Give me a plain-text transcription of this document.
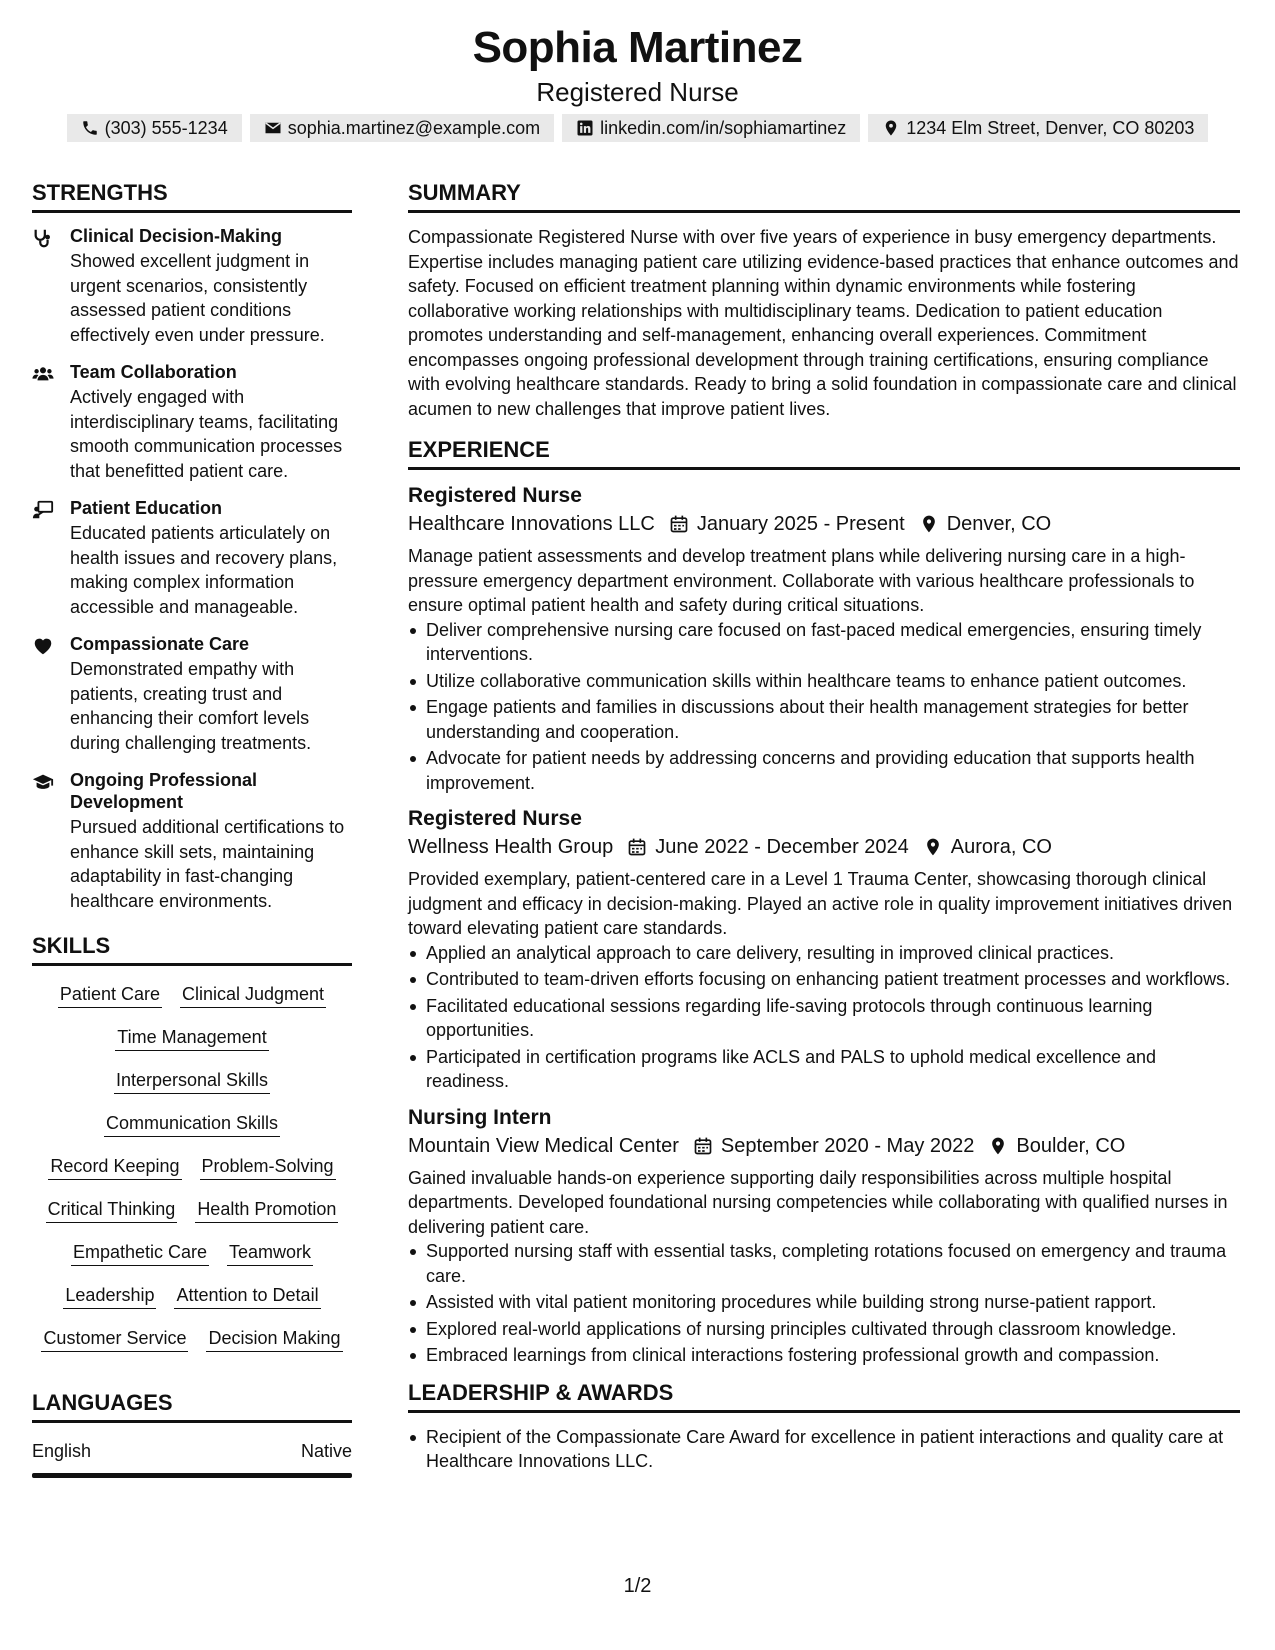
Sophia Martinez
Registered Nurse
(303) 555-1234	sophia.martinez@example.com	linkedin.com/in/sophiamartinez	1234 Elm Street, Denver, CO 80203
STRENGTHS
Clinical Decision-Making
Showed excellent judgment in urgent scenarios, consistently assessed patient conditions effectively even under pressure.
Team Collaboration
Actively engaged with interdisciplinary teams, facilitating smooth communication processes that benefitted patient care.
Patient Education
Educated patients articulately on health issues and recovery plans, making complex information accessible and manageable.
Compassionate Care
Demonstrated empathy with patients, creating trust and enhancing their comfort levels during challenging treatments.
Ongoing Professional Development
Pursued additional certifications to enhance skill sets, maintaining adaptability in fast-changing healthcare environments.
SKILLS
Patient Care Clinical Judgment
Time Management
Interpersonal Skills
Communication Skills
Record Keeping Problem-Solving
Critical Thinking Health Promotion
Empathetic Care Teamwork
Leadership Attention to Detail
Customer Service Decision Making
LANGUAGES
English	Native
SUMMARY
Compassionate Registered Nurse with over five years of experience in busy emergency departments. Expertise includes managing patient care utilizing evidence-based practices that enhance outcomes and safety. Focused on efficient treatment planning within dynamic environments while fostering collaborative working relationships with multidisciplinary teams. Dedication to patient education promotes understanding and self-management, enhancing overall experiences. Commitment encompasses ongoing professional development through training certifications, ensuring compliance with evolving healthcare standards. Ready to bring a solid foundation in compassionate care and clinical acumen to new challenges that improve patient lives.
EXPERIENCE
Registered Nurse
Healthcare Innovations LLC January 2025 - Present Denver, CO
Manage patient assessments and develop treatment plans while delivering nursing care in a high-pressure emergency department environment. Collaborate with various healthcare professionals to ensure optimal patient health and safety during critical situations.
Deliver comprehensive nursing care focused on fast-paced medical emergencies, ensuring timely interventions.
Utilize collaborative communication skills within healthcare teams to enhance patient outcomes.
Engage patients and families in discussions about their health management strategies for better understanding and cooperation.
Advocate for patient needs by addressing concerns and providing education that supports health improvement.
Registered Nurse
Wellness Health Group June 2022 - December 2024 Aurora, CO
Provided exemplary, patient-centered care in a Level 1 Trauma Center, showcasing thorough clinical judgment and efficacy in decision-making. Played an active role in quality improvement initiatives driven toward elevating patient care standards.
Applied an analytical approach to care delivery, resulting in improved clinical practices.
Contributed to team-driven efforts focusing on enhancing patient treatment processes and workflows.
Facilitated educational sessions regarding life-saving protocols through continuous learning opportunities.
Participated in certification programs like ACLS and PALS to uphold medical excellence and readiness.
Nursing Intern
Mountain View Medical Center September 2020 - May 2022 Boulder, CO
Gained invaluable hands-on experience supporting daily responsibilities across multiple hospital departments. Developed foundational nursing competencies while collaborating with qualified nurses in delivering patient care.
Supported nursing staff with essential tasks, completing rotations focused on emergency and trauma care.
Assisted with vital patient monitoring procedures while building strong nurse-patient rapport.
Explored real-world applications of nursing principles cultivated through classroom knowledge.
Embraced learnings from clinical interactions fostering professional growth and compassion.
LEADERSHIP & AWARDS
Recipient of the Compassionate Care Award for excellence in patient interactions and quality care at Healthcare Innovations LLC.
1/2
